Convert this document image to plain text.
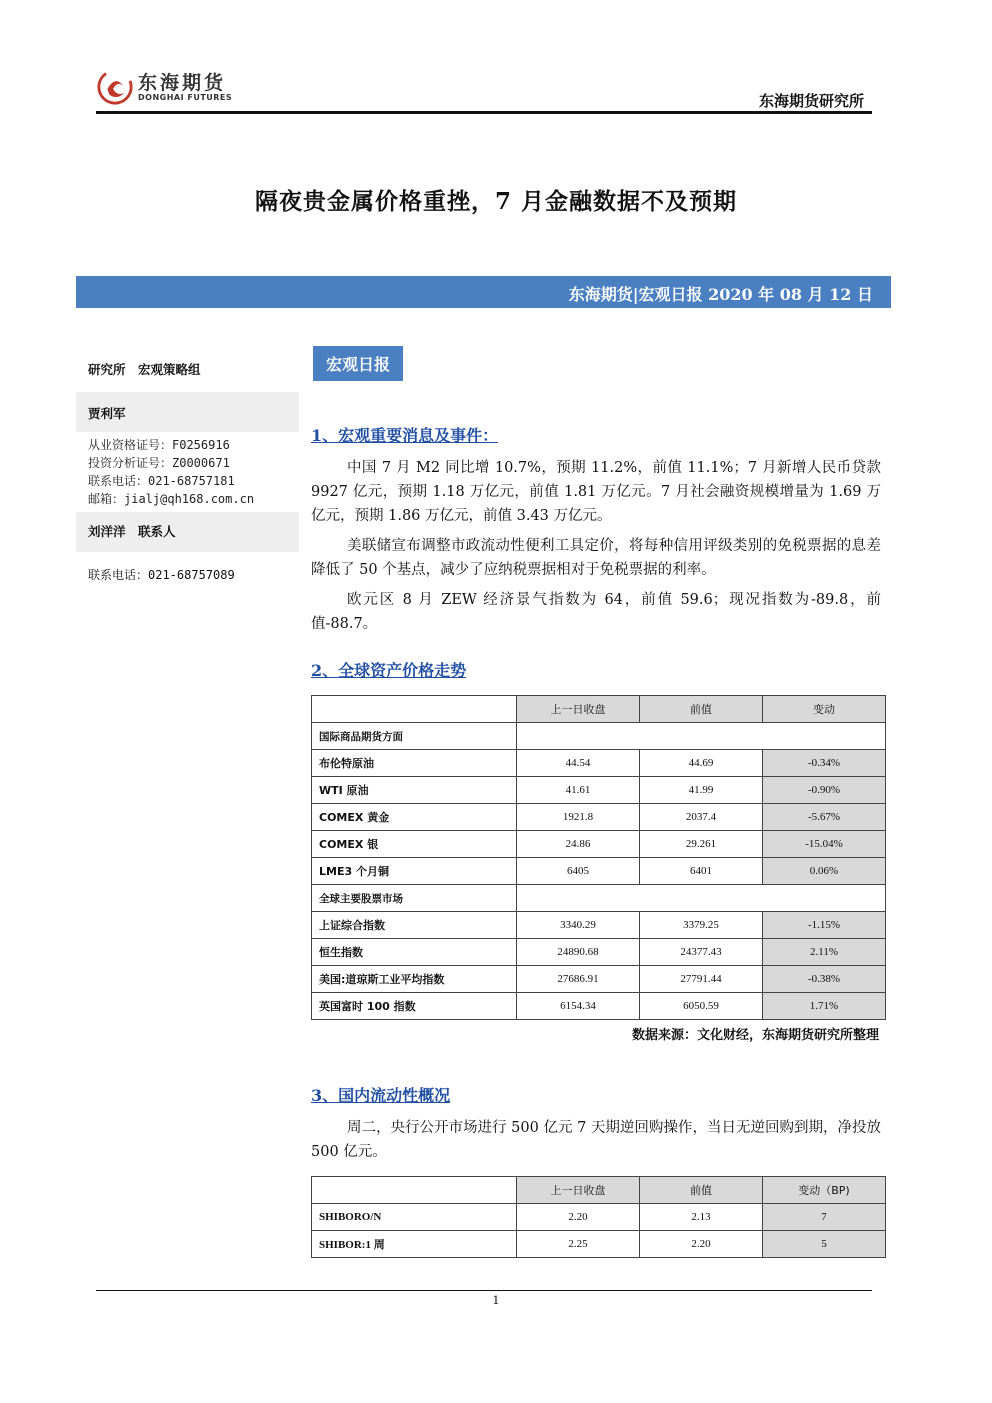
东海期货
DONGHAI FUTURES	东海期货研究所
隔夜贵金属价格重挫，7 月金融数据不及预期
东海期货|宏观日报 2020 年 08 月 12 日
研究所　宏观策略组
贾利军
从业资格证号：F0256916
投资分析证号：Z0000671
联系电话：021-68757181
邮箱：jialj@qh168.com.cn
刘洋洋　联系人
联系电话：021-68757089
宏观日报
1、宏观重要消息及事件：
中国 7 月 M2 同比增 10.7%，预期 11.2%，前值 11.1%；7 月新增人民币贷款 9927 亿元，预期 1.18 万亿元，前值 1.81 万亿元。7 月社会融资规模增量为 1.69 万亿元，预期 1.86 万亿元，前值 3.43 万亿元。
美联储宣布调整市政流动性便利工具定价，将每种信用评级类别的免税票据的息差降低了 50 个基点，减少了应纳税票据相对于免税票据的利率。
欧元区 8 月 ZEW 经济景气指数为 64，前值 59.6；现况指数为-89.8，前值-88.7。
2、全球资产价格走势
	上一日收盘	前值	变动
国际商品期货方面			
布伦特原油	44.54	44.69	-0.34%
WTI 原油	41.61	41.99	-0.90%
COMEX 黄金	1921.8	2037.4	-5.67%
COMEX 银	24.86	29.261	-15.04%
LME3 个月铜	6405	6401	0.06%
全球主要股票市场			
上证综合指数	3340.29	3379.25	-1.15%
恒生指数	24890.68	24377.43	2.11%
美国:道琼斯工业平均指数	27686.91	27791.44	-0.38%
英国富时 100 指数	6154.34	6050.59	1.71%
数据来源：文化财经，东海期货研究所整理
3、国内流动性概况
周二，央行公开市场进行 500 亿元 7 天期逆回购操作，当日无逆回购到期，净投放 500 亿元。
	上一日收盘	前值	变动（BP)
SHIBORO/N	2.20	2.13	7
SHIBOR:1 周	2.25	2.20	5
1
